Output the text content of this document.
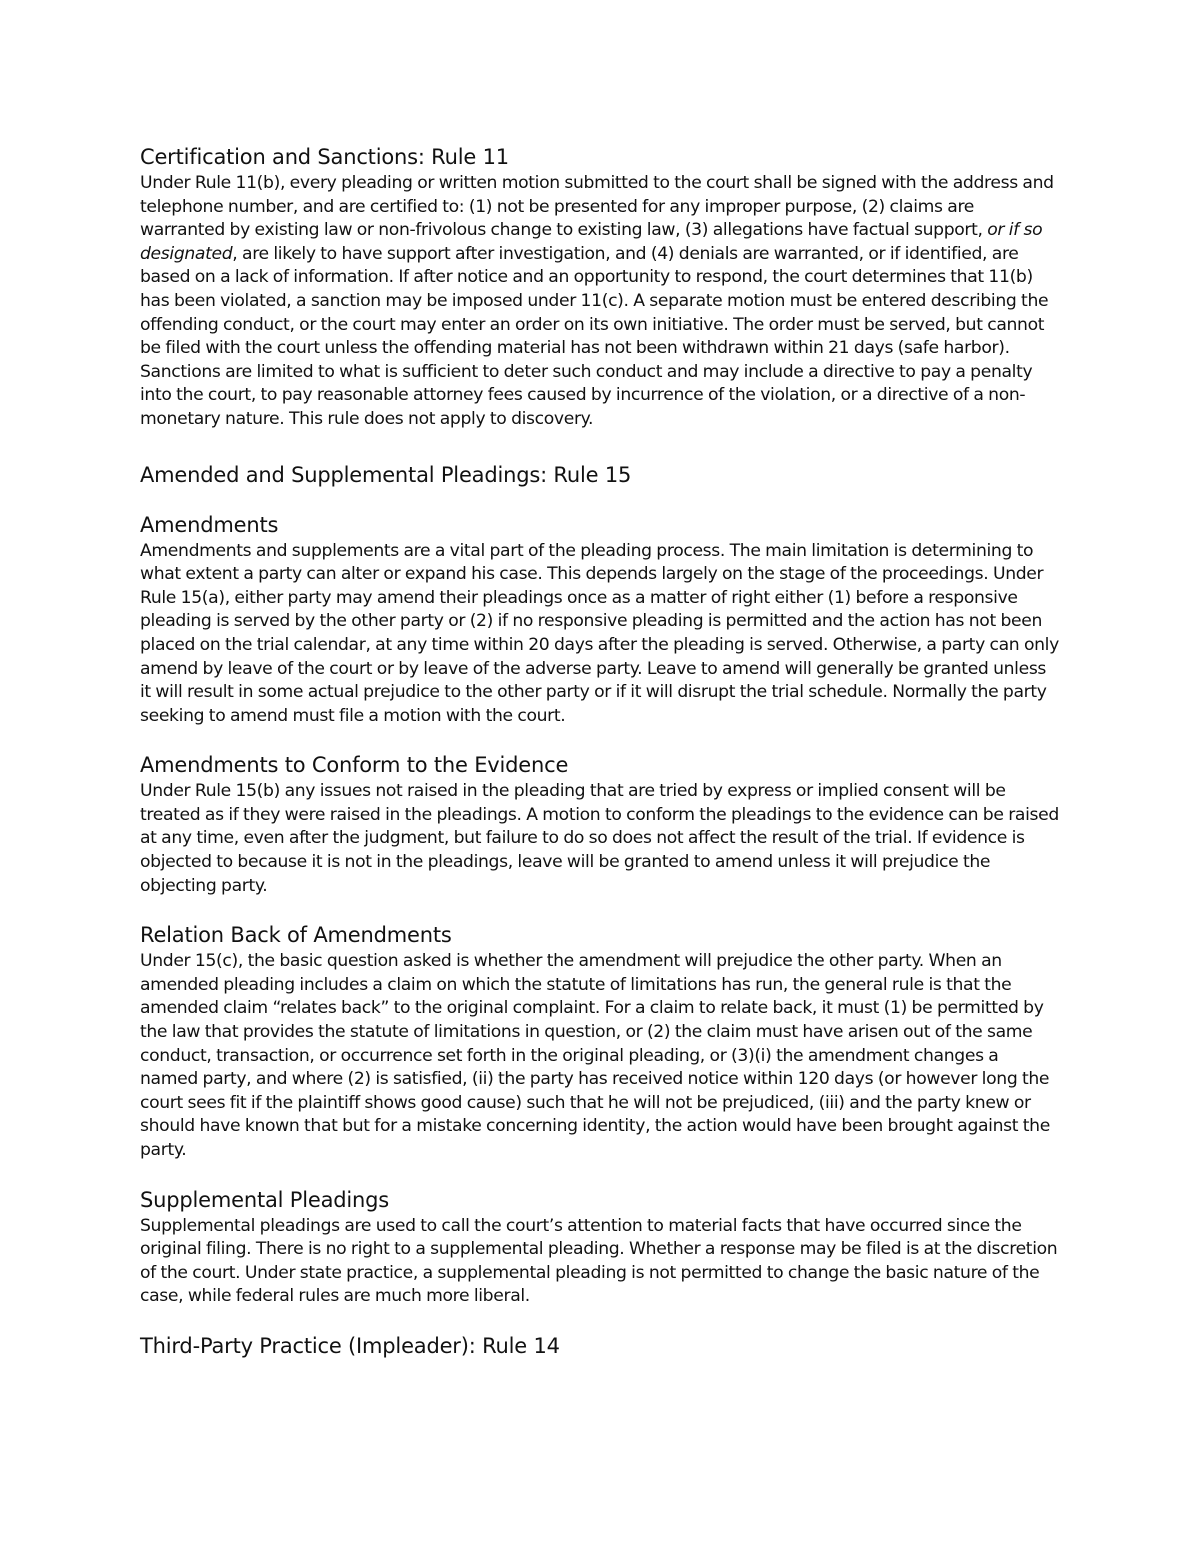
Certification and Sanctions: Rule 11

Under Rule 11(b), every pleading or written motion submitted to the court shall be signed with the address and telephone number, and are certified to: (1) not be presented for any improper purpose, (2) claims are warranted by existing law or non-frivolous change to existing law, (3) allegations have factual support, or if so designated, are likely to have support after investigation, and (4) denials are warranted, or if identified, are based on a lack of information. If after notice and an opportunity to respond, the court determines that 11(b) has been violated, a sanction may be imposed under 11(c). A separate motion must be entered describing the offending conduct, or the court may enter an order on its own initiative. The order must be served, but cannot be filed with the court unless the offending material has not been withdrawn within 21 days (safe harbor). Sanctions are limited to what is sufficient to deter such conduct and may include a directive to pay a penalty into the court, to pay reasonable attorney fees caused by incurrence of the violation, or a directive of a non-monetary nature. This rule does not apply to discovery.

Amended and Supplemental Pleadings: Rule 15
Amendments

Amendments and supplements are a vital part of the pleading process. The main limitation is determining to what extent a party can alter or expand his case. This depends largely on the stage of the proceedings. Under Rule 15(a), either party may amend their pleadings once as a matter of right either (1) before a responsive pleading is served by the other party or (2) if no responsive pleading is permitted and the action has not been placed on the trial calendar, at any time within 20 days after the pleading is served. Otherwise, a party can only amend by leave of the court or by leave of the adverse party. Leave to amend will generally be granted unless it will result in some actual prejudice to the other party or if it will disrupt the trial schedule. Normally the party seeking to amend must file a motion with the court.

Amendments to Conform to the Evidence

Under Rule 15(b) any issues not raised in the pleading that are tried by express or implied consent will be treated as if they were raised in the pleadings. A motion to conform the pleadings to the evidence can be raised at any time, even after the judgment, but failure to do so does not affect the result of the trial. If evidence is objected to because it is not in the pleadings, leave will be granted to amend unless it will prejudice the objecting party.

Relation Back of Amendments

Under 15(c), the basic question asked is whether the amendment will prejudice the other party. When an amended pleading includes a claim on which the statute of limitations has run, the general rule is that the amended claim “relates back” to the original complaint. For a claim to relate back, it must (1) be permitted by the law that provides the statute of limitations in question, or (2) the claim must have arisen out of the same conduct, transaction, or occurrence set forth in the original pleading, or (3)(i) the amendment changes a named party, and where (2) is satisfied, (ii) the party has received notice within 120 days (or however long the court sees fit if the plaintiff shows good cause) such that he will not be prejudiced, (iii) and the party knew or should have known that but for a mistake concerning identity, the action would have been brought against the party.

Supplemental Pleadings

Supplemental pleadings are used to call the court’s attention to material facts that have occurred since the original filing. There is no right to a supplemental pleading. Whether a response may be filed is at the discretion of the court. Under state practice, a supplemental pleading is not permitted to change the basic nature of the case, while federal rules are much more liberal.

Third-Party Practice (Impleader): Rule 14
